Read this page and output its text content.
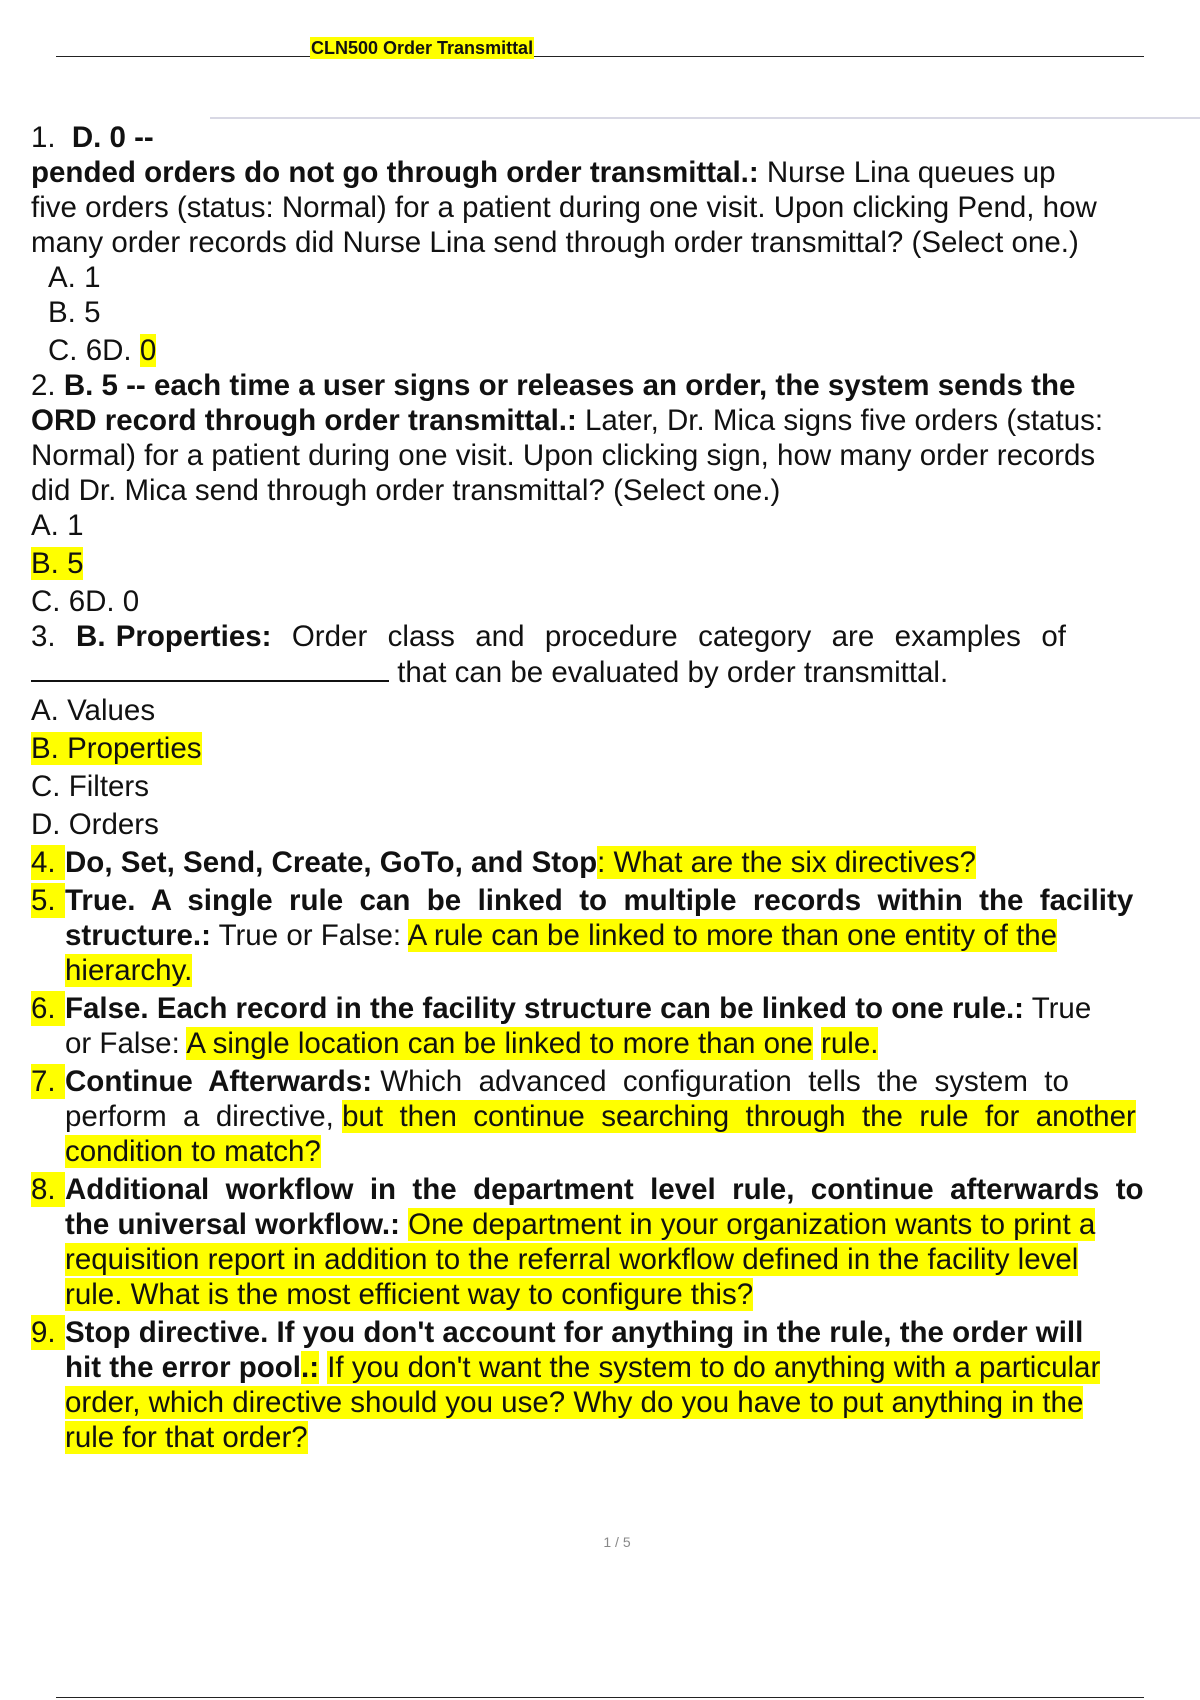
CLN500 Order Transmittal
1. D. 0 --
pended orders do not go through order transmittal.: Nurse Lina queues up
five orders (status: Normal) for a patient during one visit. Upon clicking Pend, how
many order records did Nurse Lina send through order transmittal? (Select one.)
A. 1
B. 5
C. 6D. 0
2. B. 5 -- each time a user signs or releases an order, the system sends the
ORD record through order transmittal.: Later, Dr. Mica signs five orders (status:
Normal) for a patient during one visit. Upon clicking sign, how many order records
did Dr. Mica send through order transmittal? (Select one.)
A. 1
B. 5
C. 6D. 0
3. B. Properties: Order  class  and  procedure  category  are  examples  of
that can be evaluated by order transmittal.
A. Values
B. Properties
C. Filters
D. Orders
4. Do, Set, Send, Create, GoTo, and Stop: What are the six directives?
5. True.  A  single  rule  can  be  linked  to  multiple  records  within  the  facility
structure.: True or False: A rule can be linked to more than one entity of the
hierarchy.
6. False. Each record in the facility structure can be linked to one rule.: True
or False: A single location can be linked to more than one rule.
7. Continue  Afterwards: Which  advanced  configuration  tells  the  system  to
perform  a  directive, but  then  continue  searching  through  the  rule  for  another
condition to match?
8. Additional  workflow  in  the  department  level  rule,  continue  afterwards  to
the universal workflow.: One department in your organization wants to print a
requisition report in addition to the referral workflow defined in the facility level
rule. What is the most efficient way to configure this?
9. Stop directive. If you don't account for anything in the rule, the order will
hit the error pool.: If you don't want the system to do anything with a particular
order, which directive should you use? Why do you have to put anything in the
rule for that order?
1 / 5
